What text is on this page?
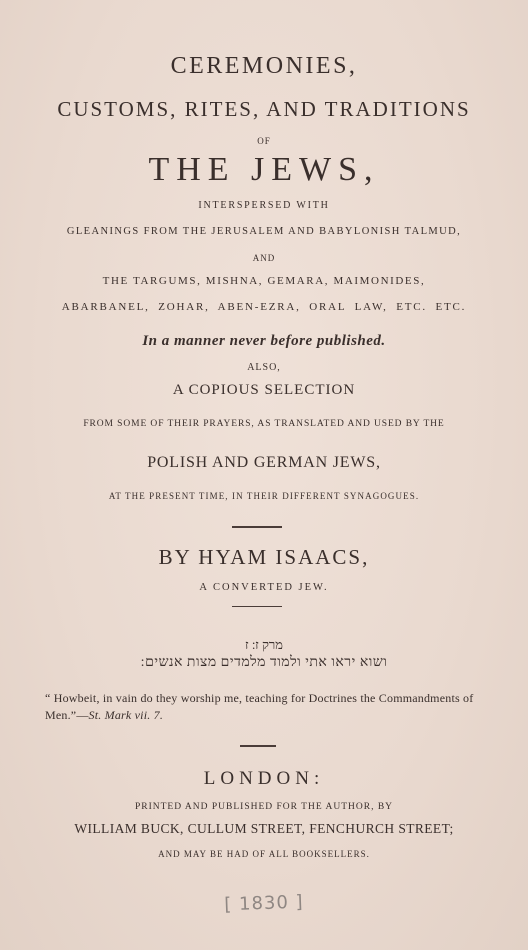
CEREMONIES,
CUSTOMS, RITES, AND TRADITIONS
OF
THE JEWS,
INTERSPERSED WITH
GLEANINGS FROM THE JERUSALEM AND BABYLONISH TALMUD,
AND
THE TARGUMS, MISHNA, GEMARA, MAIMONIDES,
ABARBANEL, ZOHAR, ABEN-EZRA, ORAL LAW, ETC. ETC.
In a manner never before published.
ALSO,
A COPIOUS SELECTION
FROM SOME OF THEIR PRAYERS, AS TRANSLATED AND USED BY THE
POLISH AND GERMAN JEWS,
AT THE PRESENT TIME, IN THEIR DIFFERENT SYNAGOGUES.
BY HYAM ISAACS,
A CONVERTED JEW.
מרק ז ׃ ז
ושוא יראו אתי ולמוד מלמדים מצות אנשים ׃
“ Howbeit, in vain do they worship me, teaching for Doctrines the Commandments of Men.”—St. Mark vii. 7.
LONDON:
PRINTED AND PUBLISHED FOR THE AUTHOR, BY
WILLIAM BUCK, CULLUM STREET, FENCHURCH STREET;
AND MAY BE HAD OF ALL BOOKSELLERS.
[ 1830 ]
